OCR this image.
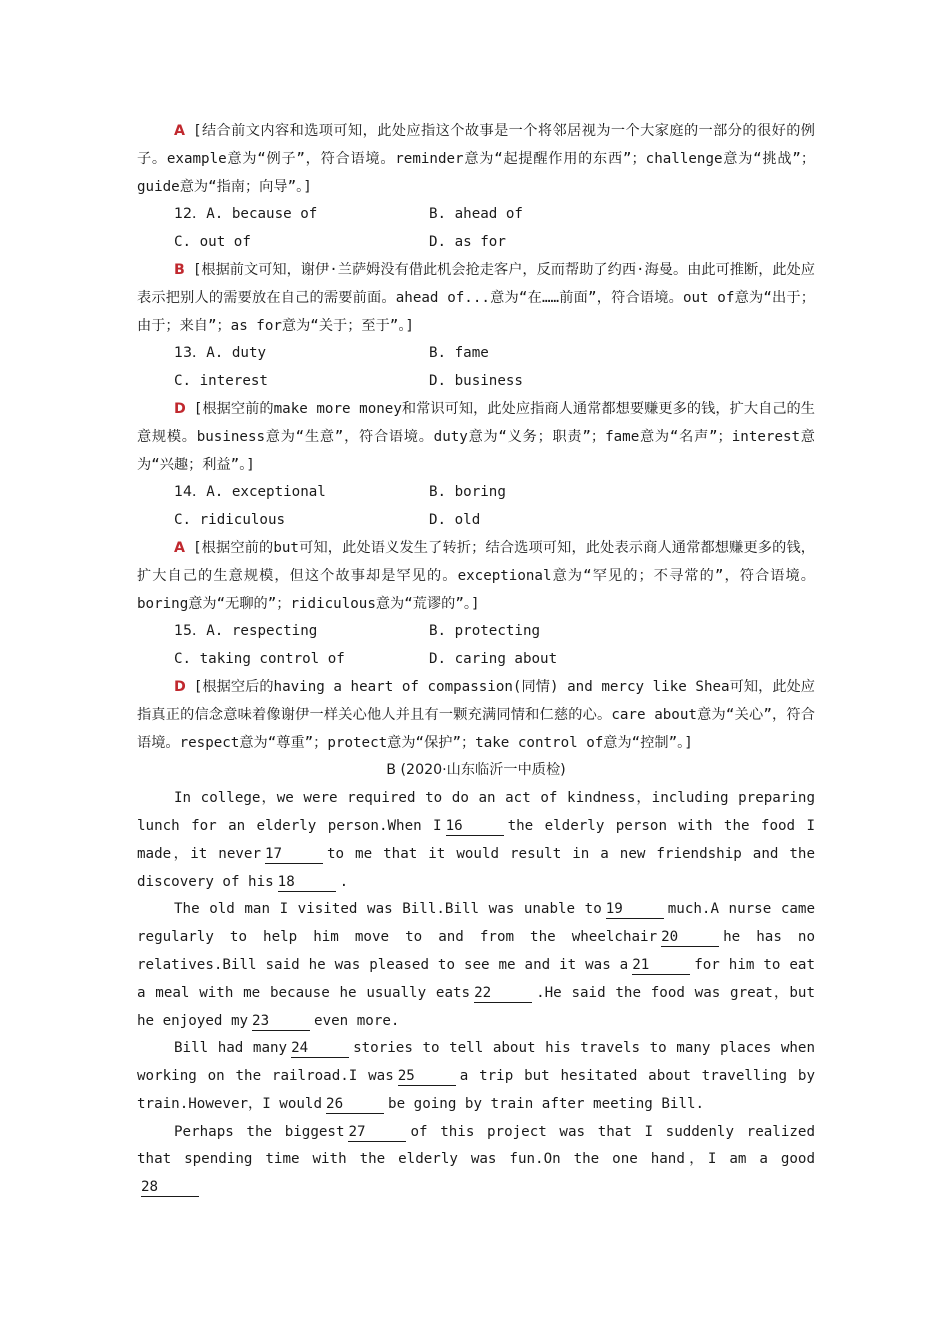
A [结合前文内容和选项可知，此处应指这个故事是一个将邻居视为一个大家庭的一部分的很好的例子。example意为“例子”，符合语境。reminder意为“起提醒作用的东西”；challenge意为“挑战”；guide意为“指南；向导”。]

12．A. because of	B. ahead of
C. out of	D. as for

B [根据前文可知，谢伊·兰萨姆没有借此机会抢走客户，反而帮助了约西·海曼。由此可推断，此处应表示把别人的需要放在自己的需要前面。ahead of...意为“在……前面”，符合语境。out of意为“出于；由于；来自”；as for意为“关于；至于”。]

13．A. duty	B. fame
C. interest	D. business

D [根据空前的make more money和常识可知，此处应指商人通常都想要赚更多的钱，扩大自己的生意规模。business意为“生意”，符合语境。duty意为“义务；职责”；fame意为“名声”；interest意为“兴趣；利益”。]

14．A. exceptional	B. boring
C. ridiculous	D. old

A [根据空前的but可知，此处语义发生了转折；结合选项可知，此处表示商人通常都想赚更多的钱，扩大自己的生意规模，但这个故事却是罕见的。exceptional意为“罕见的；不寻常的”，符合语境。boring意为“无聊的”；ridiculous意为“荒谬的”。]

15．A. respecting	B. protecting
C. taking control of	D. caring about

D [根据空后的having a heart of compassion(同情) and mercy like Shea可知，此处应指真正的信念意味着像谢伊一样关心他人并且有一颗充满同情和仁慈的心。care about意为“关心”，符合语境。respect意为“尊重”；protect意为“保护”；take control of意为“控制”。]

B (2020·山东临沂一中质检)

In college，we were required to do an act of kindness，including preparing lunch for an elderly person.When I 16	the elderly person with the food I made，it never 17	to me that it would result in a new friendship and the discovery of his 18	.

The old man I visited was Bill.Bill was unable to 19	much.A nurse came regularly to help him move to and from the wheelchair 20	he has no relatives.Bill said he was pleased to see me and it was a 21	for him to eat a meal with me because he usually eats 22	.He said the food was great，but he enjoyed my 23	even more.

Bill had many 24	stories to tell about his travels to many places when working on the railroad.I was 25	a trip but hesitated about travelling by train.However，I would 26	be going by train after meeting Bill.

Perhaps the biggest 27	of this project was that I suddenly realized that spending time with the elderly was fun.On the one hand，I am a good28
